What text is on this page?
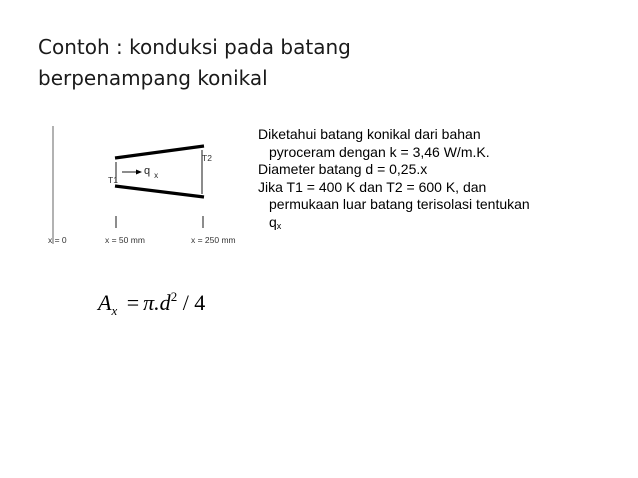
Contoh : konduksi pada batang
berpenampang konikal
q $_x$
T1
T2
x = 0	x = 50 mm	x = 250 mm
Diketahui batang konikal dari bahan
pyroceram dengan k = 3,46 W/m.K.
Diameter batang d = 0,25.x
Jika T1 = 400 K dan T2 = 600 K, dan
permukaan luar batang terisolasi tentukan
$q_x$
$A_x = \pi.d^2 / 4$
